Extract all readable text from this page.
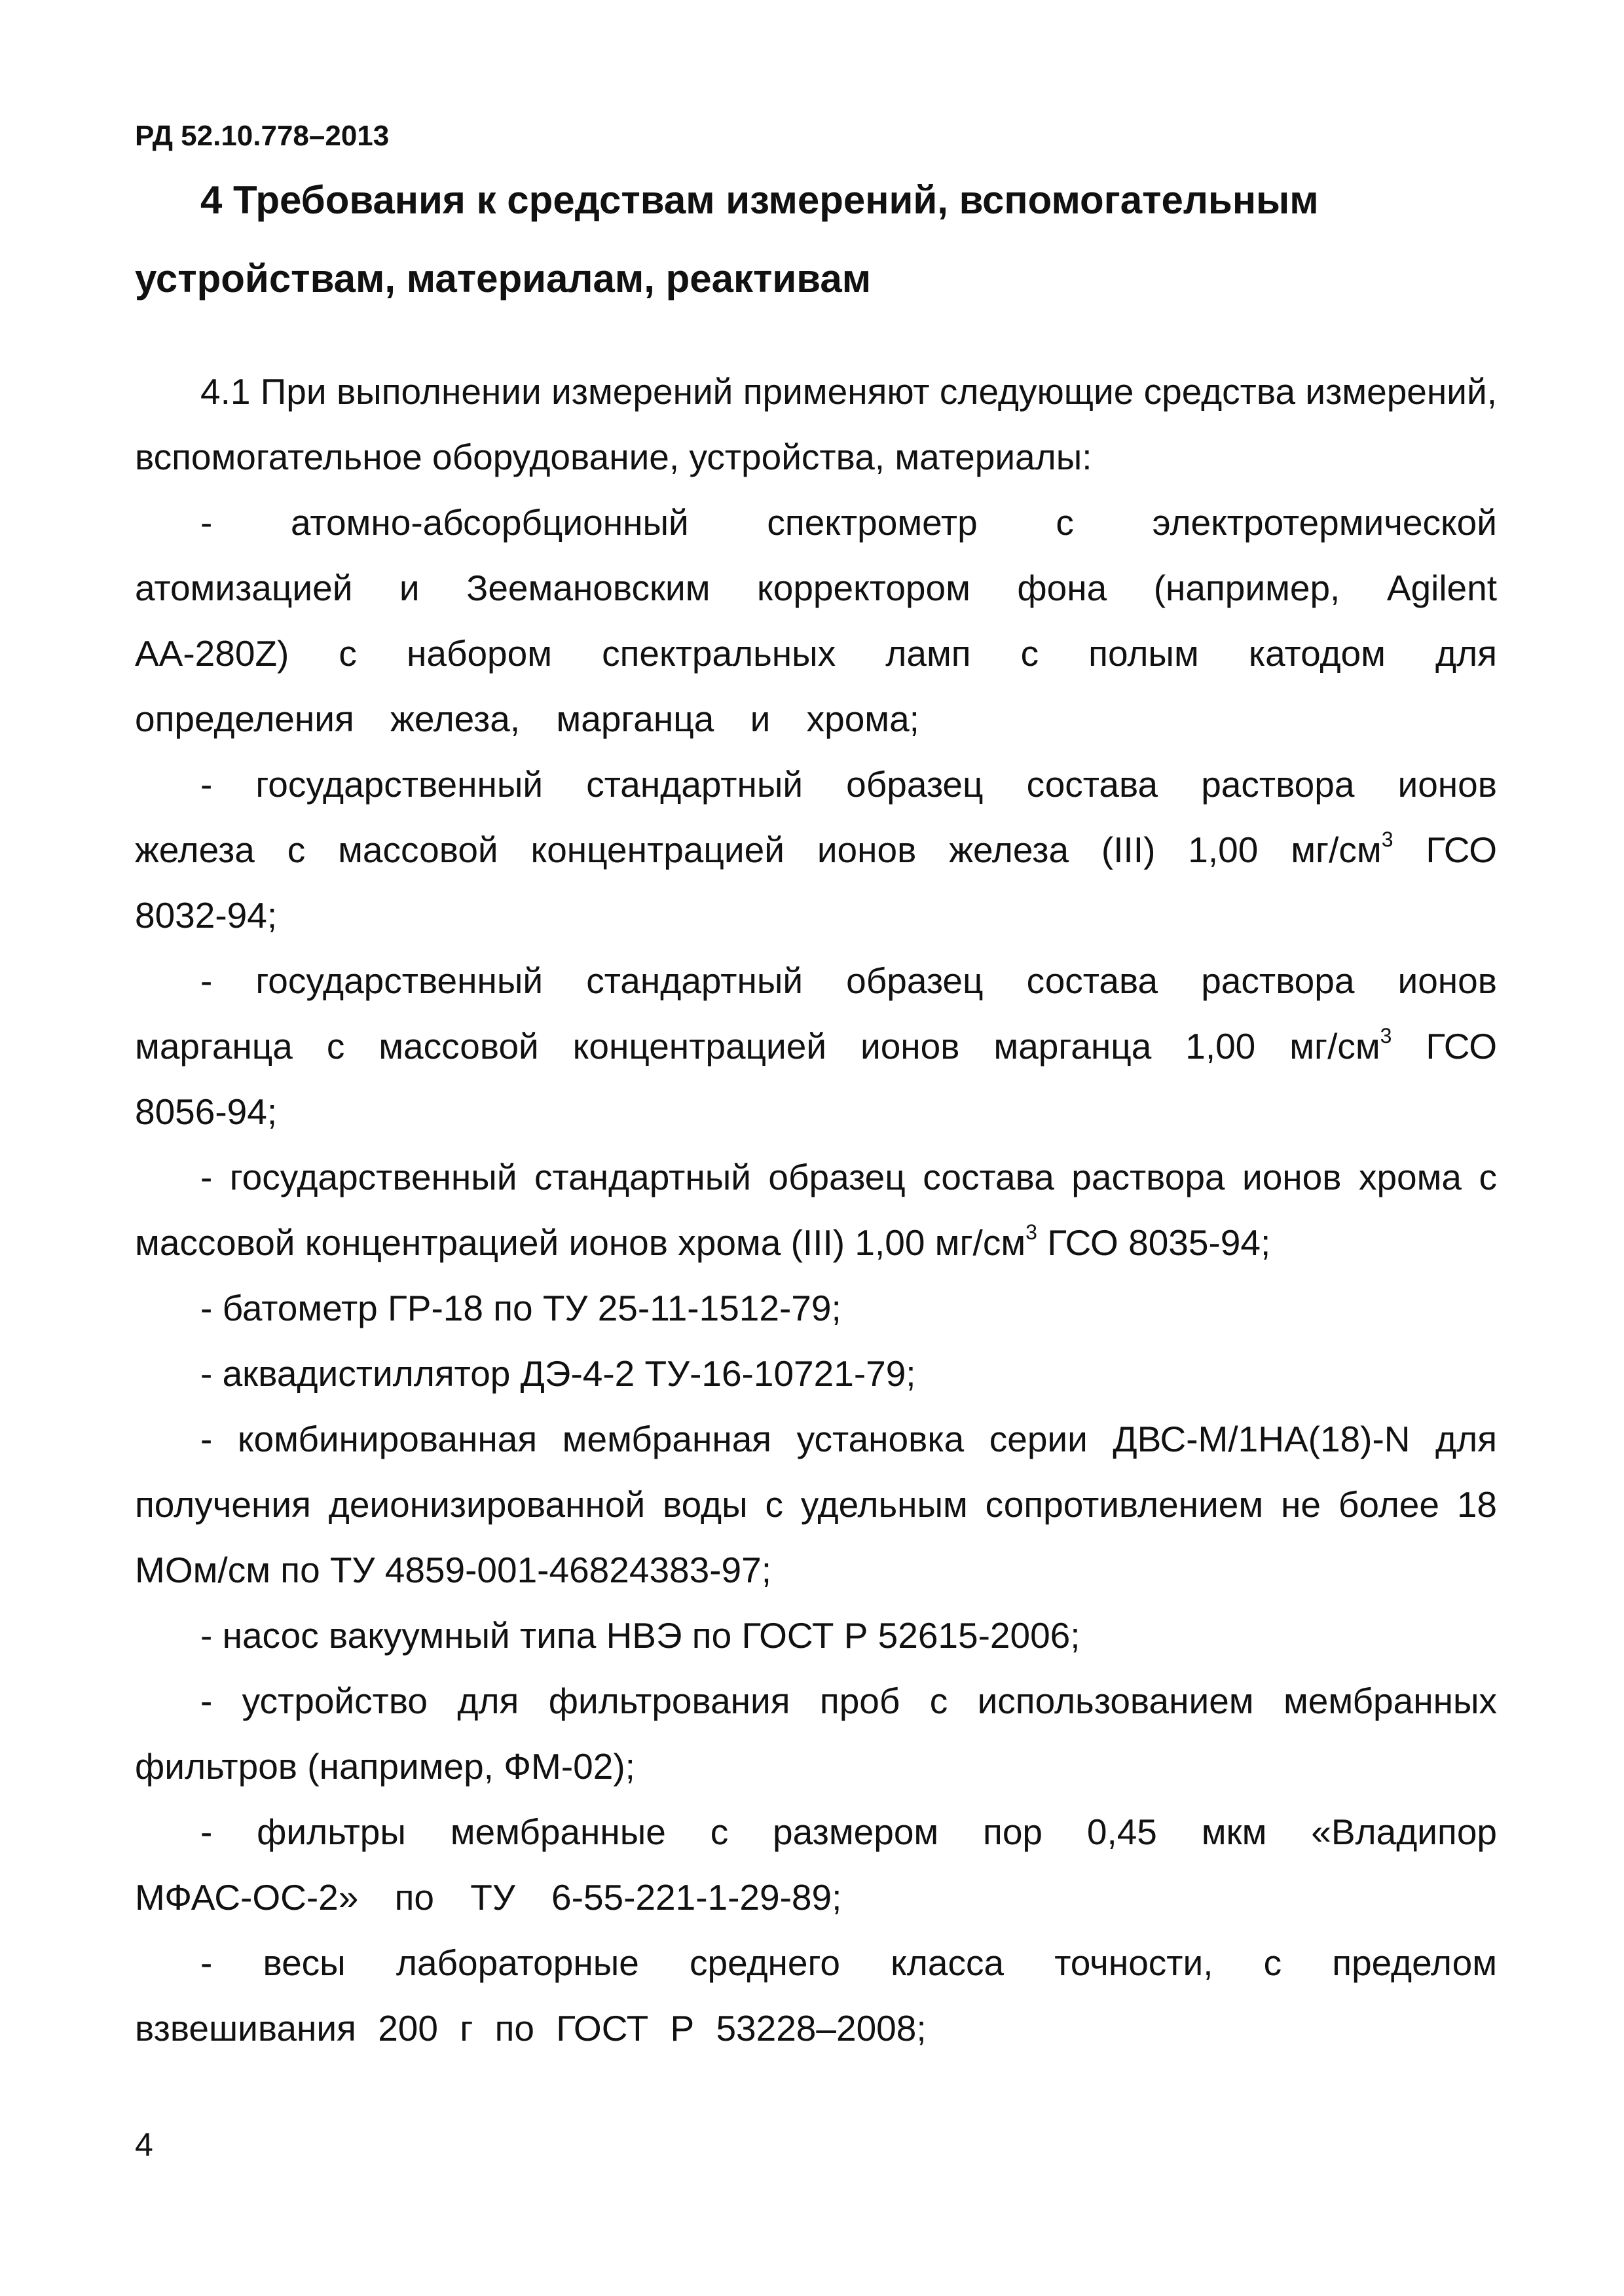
РД 52.10.778–2013
4 Требования к средствам измерений, вспомогательным
устройствам, материалам, реактивам

4.1 При выполнении измерений применяют следующие средства измерений, вспомогательное оборудование, устройства, материалы:

- атомно-абсорбционный спектрометр с электротермической атомизацией и Зеемановским корректором фона (например, Agilent AA-280Z) с набором спектральных ламп с полым катодом для определения железа, марганца и хрома;

- государственный стандартный образец состава раствора ионов железа с массовой концентрацией ионов железа (III) 1,00 $мг/см^3$ ГСО 8032-94;

- государственный стандартный образец состава раствора ионов марганца с массовой концентрацией ионов марганца 1,00 $мг/см^3$ ГСО 8056-94;

- государственный стандартный образец состава раствора ионов хрома с массовой концентрацией ионов хрома (III) 1,00 $мг/см^3$ ГСО 8035-94;

- батометр ГР-18 по ТУ 25-11-1512-79;

- аквадистиллятор ДЭ-4-2 ТУ-16-10721-79;

- комбинированная мембранная установка серии ДВС-М/1НА(18)-N для получения деионизированной воды с удельным сопротивлением не более 18 МОм/см по ТУ 4859-001-46824383-97;

- насос вакуумный типа НВЭ по ГОСТ Р 52615-2006;

- устройство для фильтрования проб с использованием мембранных фильтров (например, ФМ-02);

- фильтры мембранные с размером пор 0,45 мкм «Владипор МФАС-ОС-2» по ТУ 6-55-221-1-29-89;

- весы лабораторные среднего класса точности, с пределом взвешивания 200 г по ГОСТ Р 53228–2008;

4
